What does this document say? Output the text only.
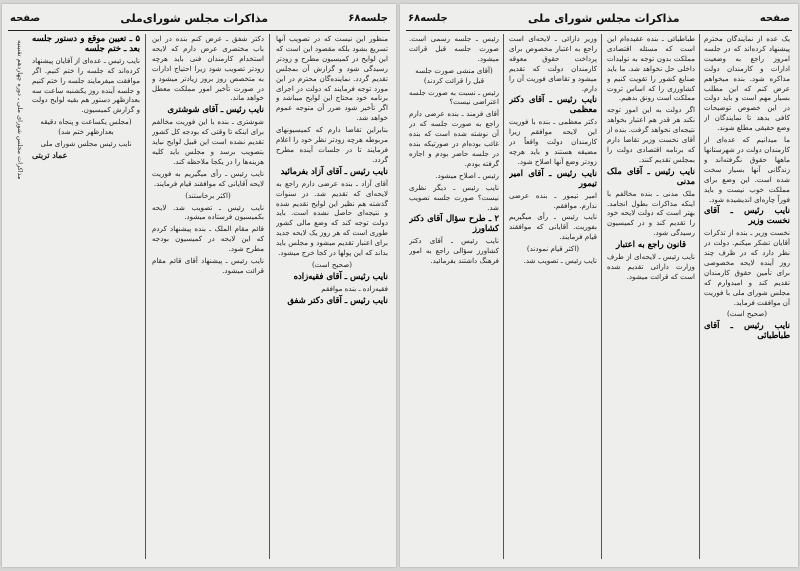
جلسه۶۸
مذاکرات مجلس شورای‌ملی
صفحه

منظور این نیست که در تصویب آنها تسریع بشود بلکه مقصود این است که این لوایح در کمیسیون مطرح و زودتر رسیدگی شود و گزارش آن بمجلس تقدیم گردد. نماینده‌گان محترم در این مورد توجه فرمایند که دولت در اجرای برنامه خود محتاج این لوایح میباشد و اگر تأخیر شود ضرر آن متوجه عموم خواهد شد.

بنابراین تقاضا دارم که کمیسیونهای مربوطه هرچه زودتر نظر خود را اعلام فرمایند تا در جلسات آینده مطرح گردد.

نایب رئیس ـ آقای آزاد بفرمائید

آقای آزاد ـ بنده عرضی دارم راجع به لایحه‌ای که تقدیم شد. در سنوات گذشته هم نظیر این لوایح تقدیم شده و نتیجه‌ای حاصل نشده است. باید دولت توجه کند که وضع مالی کشور طوری است که هر روز یک لایحه جدید برای اعتبار تقدیم میشود و مجلس باید بداند که این پولها در کجا خرج میشود.

(صحیح است)

نایب رئیس ـ آقای فقیه‌زاده

فقیه‌زاده ـ بنده موافقم

نایب رئیس ـ آقای دکتر شفق

دکتر شفق ـ عرض کنم بنده در این باب مختصری عرض دارم که لایحه استخدام کارمندان فنی باید هرچه زودتر تصویب شود زیرا احتیاج ادارات به متخصص روز بروز زیادتر میشود و در صورت تأخیر امور مملکت معطل خواهد ماند.

نایب رئیس ـ آقای شوشتری

شوشتری ـ بنده با این فوریت مخالفم برای اینکه تا وقتی که بودجه کل کشور تقدیم نشده است این قبیل لوایح نباید بتصویب برسد و مجلس باید کلیه هزینه‌ها را در یکجا ملاحظه کند.

نایب رئیس ـ رأی میگیریم به فوریت لایحه آقایانی که موافقند قیام فرمایند.

(اکثر برخاستند)

نایب رئیس ـ تصویب شد. لایحه بکمیسیون فرستاده میشود.

قائم مقام الملک ـ بنده پیشنهاد کردم که این لایحه در کمیسیون بودجه مطرح شود.

نایب رئیس ـ پیشنهاد آقای قائم مقام قرائت میشود.

۵ ـ تعیین موقع و دستور جلسه بعد ـ ختم جلسه

نایب رئیس ـ عده‌ای از آقایان پیشنهاد کرده‌اند که جلسه را ختم کنیم. اگر موافقت میفرمایند جلسه را ختم کنیم و جلسه آینده روز یکشنبه ساعت سه بعدازظهر دستور هم بقیه لوایح دولت و گزارش کمیسیون.

(مجلس یکساعت و پنجاه دقیقه بعدازظهر ختم شد)

نایب رئیس مجلس شورای ملی

عماد تربتی

مذاکرات مجلس شورای ملی ـ دوره چهاردهم تقنینیه
صفحه
مذاکرات مجلس شورای ملی
جلسه۶۸

یک عده از نمایندگان محترم پیشنهاد کرده‌اند که در جلسه امروز راجع به وضعیت ادارات و کارمندان دولت مذاکره شود. بنده میخواهم عرض کنم که این مطلب بسیار مهم است و باید دولت در این خصوص توضیحات کافی بدهد تا نمایندگان از وضع حقیقی مطلع شوند.

ما میدانیم که عده‌ای از کارمندان دولت در شهرستانها ماهها حقوق نگرفته‌اند و زندگانی آنها بسیار سخت شده است. این وضع برای مملکت خوب نیست و باید فوراً چاره‌ای اندیشیده شود.

نایب رئیس ـ آقای نخست وزیر

نخست وزیر ـ بنده از تذکرات آقایان تشکر میکنم. دولت در نظر دارد که در ظرف چند روز آینده لایحه مخصوصی برای تأمین حقوق کارمندان تقدیم کند و امیدوارم که مجلس شورای ملی با فوریت آن موافقت فرماید.

(صحیح است)

نایب رئیس ـ آقای طباطبائی

طباطبائی ـ بنده عقیده‌ام این است که مسئله اقتصادی مملکت بدون توجه به تولیدات داخلی حل نخواهد شد. ما باید صنایع کشور را تقویت کنیم و کشاورزی را که اساس ثروت مملکت است رونق بدهیم.

اگر دولت به این امور توجه نکند هر قدر هم اعتبار بخواهد نتیجه‌ای نخواهد گرفت. بنده از آقای نخست وزیر تقاضا دارم که برنامه اقتصادی دولت را بمجلس تقدیم کنند.

نایب رئیس ـ آقای ملک مدنی

ملک مدنی ـ بنده مخالفم با اینکه مذاکرات بطول انجامد. بهتر است که دولت لایحه خود را تقدیم کند و در کمیسیون رسیدگی شود.

قانون راجع به اعتبار

نایب رئیس ـ لایحه‌ای از طرف وزارت دارائی تقدیم شده است که قرائت میشود.

وزیر دارائی ـ لایحه‌ای است راجع به اعتبار مخصوص برای پرداخت حقوق معوقه کارمندان دولت که تقدیم میشود و تقاضای فوریت آن را دارم.

نایب رئیس ـ آقای دکتر معظمی

دکتر معظمی ـ بنده با فوریت این لایحه موافقم زیرا کارمندان دولت واقعاً در مضیقه هستند و باید هرچه زودتر وضع آنها اصلاح شود.

نایب رئیس ـ آقای امیر تیمور

امیر تیمور ـ بنده عرضی ندارم. موافقم.

نایب رئیس ـ رأی میگیریم بفوریت. آقایانی که موافقند قیام فرمایند.

(اکثر قیام نمودند)

نایب رئیس ـ تصویب شد.

رئیس ـ جلسه رسمی است. صورت جلسه قبل قرائت میشود.

(آقای منشی صورت جلسه قبل را قرائت کردند)

رئیس ـ نسبت به صورت جلسه اعتراضی نیست؟

آقای فرمند ـ بنده عرضی دارم راجع به صورت جلسه که در آن نوشته شده است که بنده غائب بوده‌ام در صورتیکه بنده در جلسه حاضر بودم و اجازه گرفته بودم.

رئیس ـ اصلاح میشود.

نایب رئیس ـ دیگر نظری نیست؟ صورت جلسه تصویب شد.

۲ ـ طرح سؤال آقای دکتر کشاورز

نایب رئیس ـ آقای دکتر کشاورز سؤالی راجع به امور فرهنگ داشتند بفرمائید.
